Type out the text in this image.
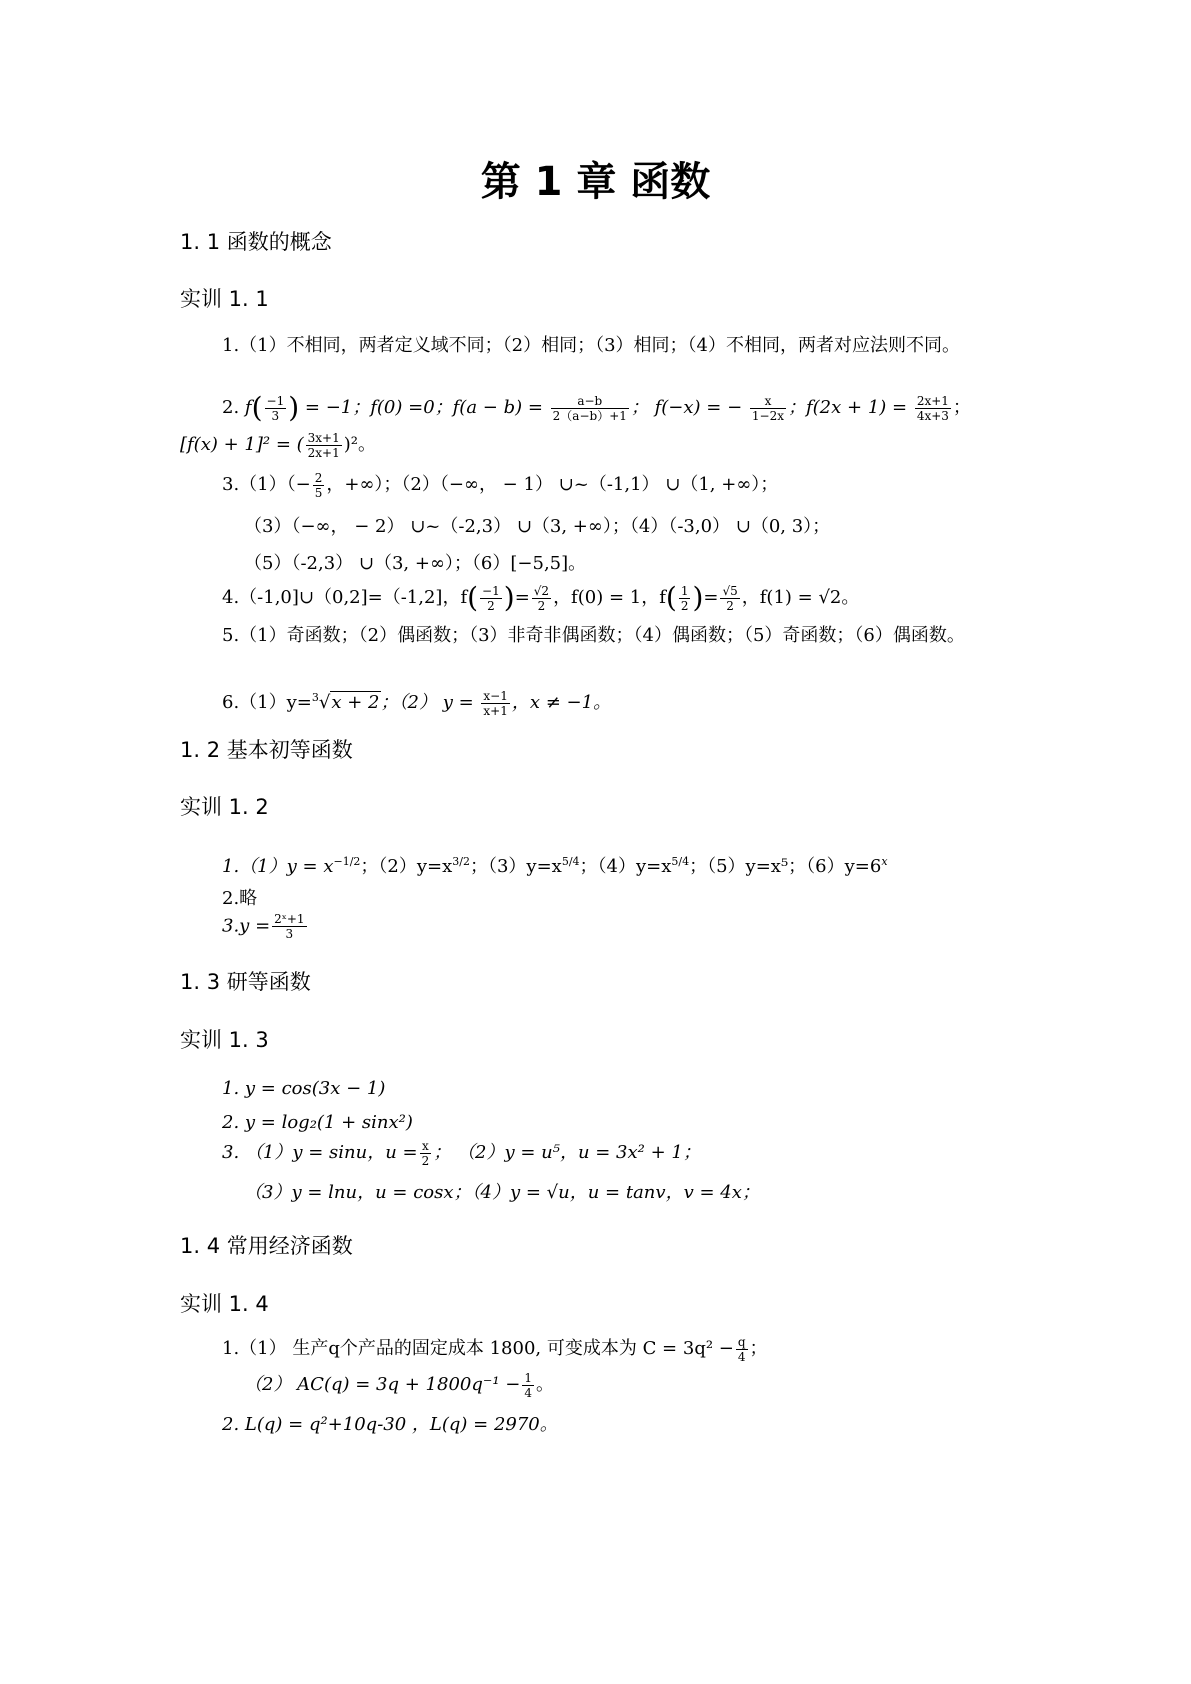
第 1 章 函数
1. 1 函数的概念
实训 1. 1
1.（1）不相同，两者定义域不同；（2）相同；（3）相同；（4）不相同，两者对应法则不同。
2. $f( \frac{-1}{3}$ ) = −1；f(0) =0；$f(a - b) = \frac{a-b}{2(a-b)+1}$ ； f(−x) = − $\frac{x}{1-2x}$ ；$f(2x + 1) = \frac{2x+1}{4x+3}$ ；
[f(x) + 1]² = ( $\frac{3x+1}{2x+1} )^2$。
$3.(1)(- \frac{2}{5}$ ，+∞）；（2）（−∞， − 1） ∪~（-1,1） ∪（1, +∞）；
（3）（−∞， − 2） ∪~（-2,3） ∪（3, +∞）；（4）（-3,0） ∪（0, 3）；
（5）（-2,3） ∪（3, +∞）；（6）[−5,5]。
4.（-1,0]∪（0,2]=（-1,2]，$f( \frac{-1}{2}$ )= $\frac{√2}{2}$ ，f(0) = 1，$f( \frac{1}{2}$ )= $\frac{√5}{2}$ ，f(1) = √2。
5.（1）奇函数；（2）偶函数；（3）非奇非偶函数；（4）偶函数；（5）奇函数；（6）偶函数。
6.（1）y=$^3$√x + 2；（2） $y = \frac{x-1}{x+1}$ ，x ≠ −1。
1. 2 基本初等函数
实训 1. 2
$1.(1)y = x^{-1/2}$；$(2)y=x^{3/2}$；$(3)y=x^{5/4}$；$(4)y=x^{5/4}$；（5）y=x⁵；$(6)y=6^x$
2.略
$3.y = \frac{\text{2ˣ+1}}{3}$
1. 3 研等函数
实训 1. 3
1. y = cos(3x − 1)
2. y = log₂(1 + sinx²)
3. （1）y = sinu，$u = \frac{x}{2}$ ； （2）y = u⁵，u = 3x² + 1；
（3）y = lnu，u = cosx；（4）y = √u，u = tanv，v = 4x；
1. 4 常用经济函数
实训 1. 4
1.（1） 生产q个产品的固定成本 1800, 可变成本为 $C = 3q^2 - \frac{q}{4}$ ；
（2） $AC(q) = 3q + 1800q^{-1} - \frac{1}{4}$ 。
2. L(q) = q²+10q-30 ，L(q) = 2970。
